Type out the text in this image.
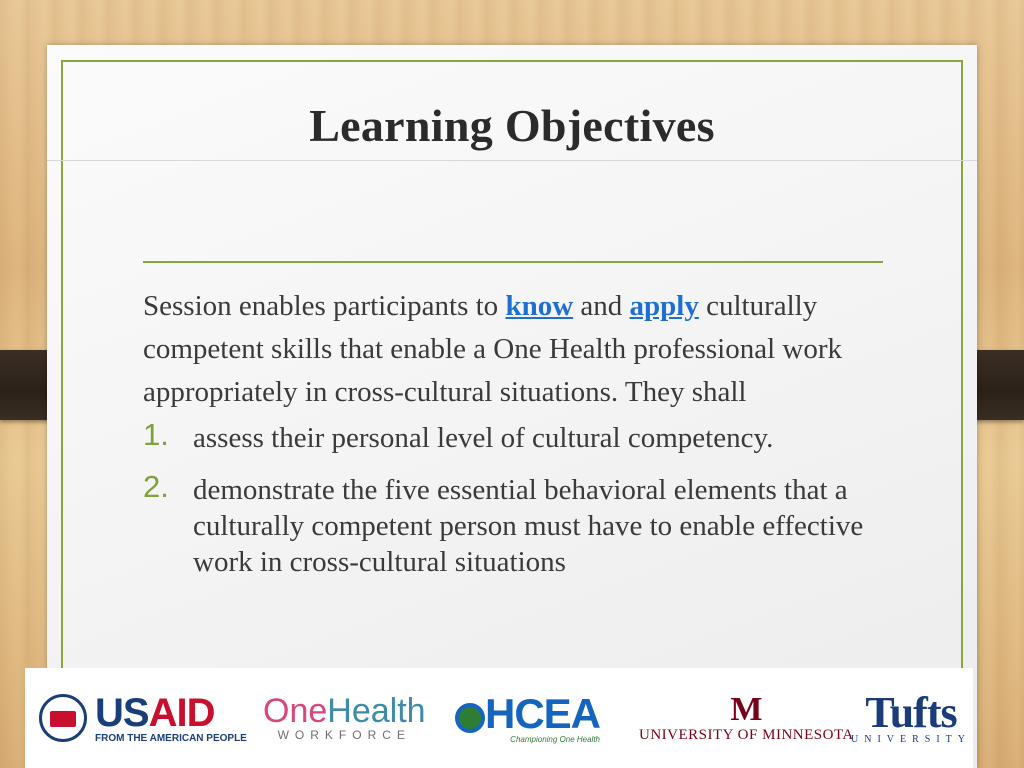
Learning Objectives

Session enables participants to know and apply culturally competent skills that enable a One Health professional work appropriately in cross-cultural situations. They shall

1. assess their personal level of cultural competency.
2. demonstrate the five essential behavioral elements that a culturally competent person must have to enable effective work in cross-cultural situations
USAID
FROM THE AMERICAN PEOPLE
OneHealth
WORKFORCE HCEA
Championing One Health
M
UNIVERSITY OF MINNESOTA Tufts
UNIVERSITY
